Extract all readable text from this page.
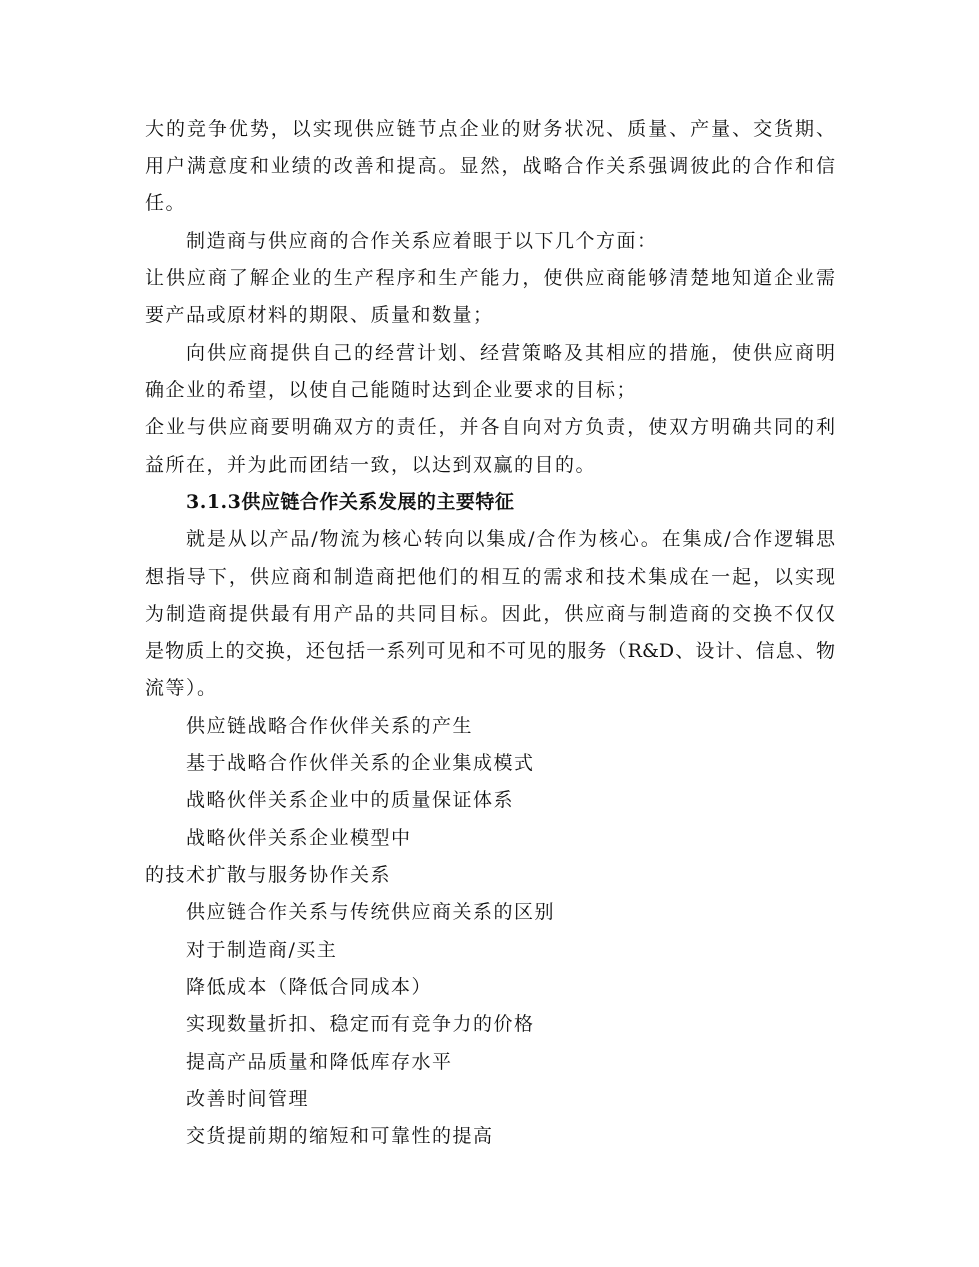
大的竞争优势，以实现供应链节点企业的财务状况、质量、产量、交货期、
用户满意度和业绩的改善和提高。显然，战略合作关系强调彼此的合作和信
任。
制造商与供应商的合作关系应着眼于以下几个方面：
让供应商了解企业的生产程序和生产能力，使供应商能够清楚地知道企业需
要产品或原材料的期限、质量和数量；
向供应商提供自己的经营计划、经营策略及其相应的措施，使供应商明
确企业的希望，以使自己能随时达到企业要求的目标；
企业与供应商要明确双方的责任，并各自向对方负责，使双方明确共同的利
益所在，并为此而团结一致，以达到双赢的目的。
3.1.3供应链合作关系发展的主要特征
就是从以产品/物流为核心转向以集成/合作为核心。在集成/合作逻辑思
想指导下，供应商和制造商把他们的相互的需求和技术集成在一起，以实现
为制造商提供最有用产品的共同目标。因此，供应商与制造商的交换不仅仅
是物质上的交换，还包括一系列可见和不可见的服务（R&D、设计、信息、物
流等）。
供应链战略合作伙伴关系的产生
基于战略合作伙伴关系的企业集成模式
战略伙伴关系企业中的质量保证体系
战略伙伴关系企业模型中
的技术扩散与服务协作关系
供应链合作关系与传统供应商关系的区别
对于制造商/买主
降低成本（降低合同成本）
实现数量折扣、稳定而有竞争力的价格
提高产品质量和降低库存水平
改善时间管理
交货提前期的缩短和可靠性的提高
